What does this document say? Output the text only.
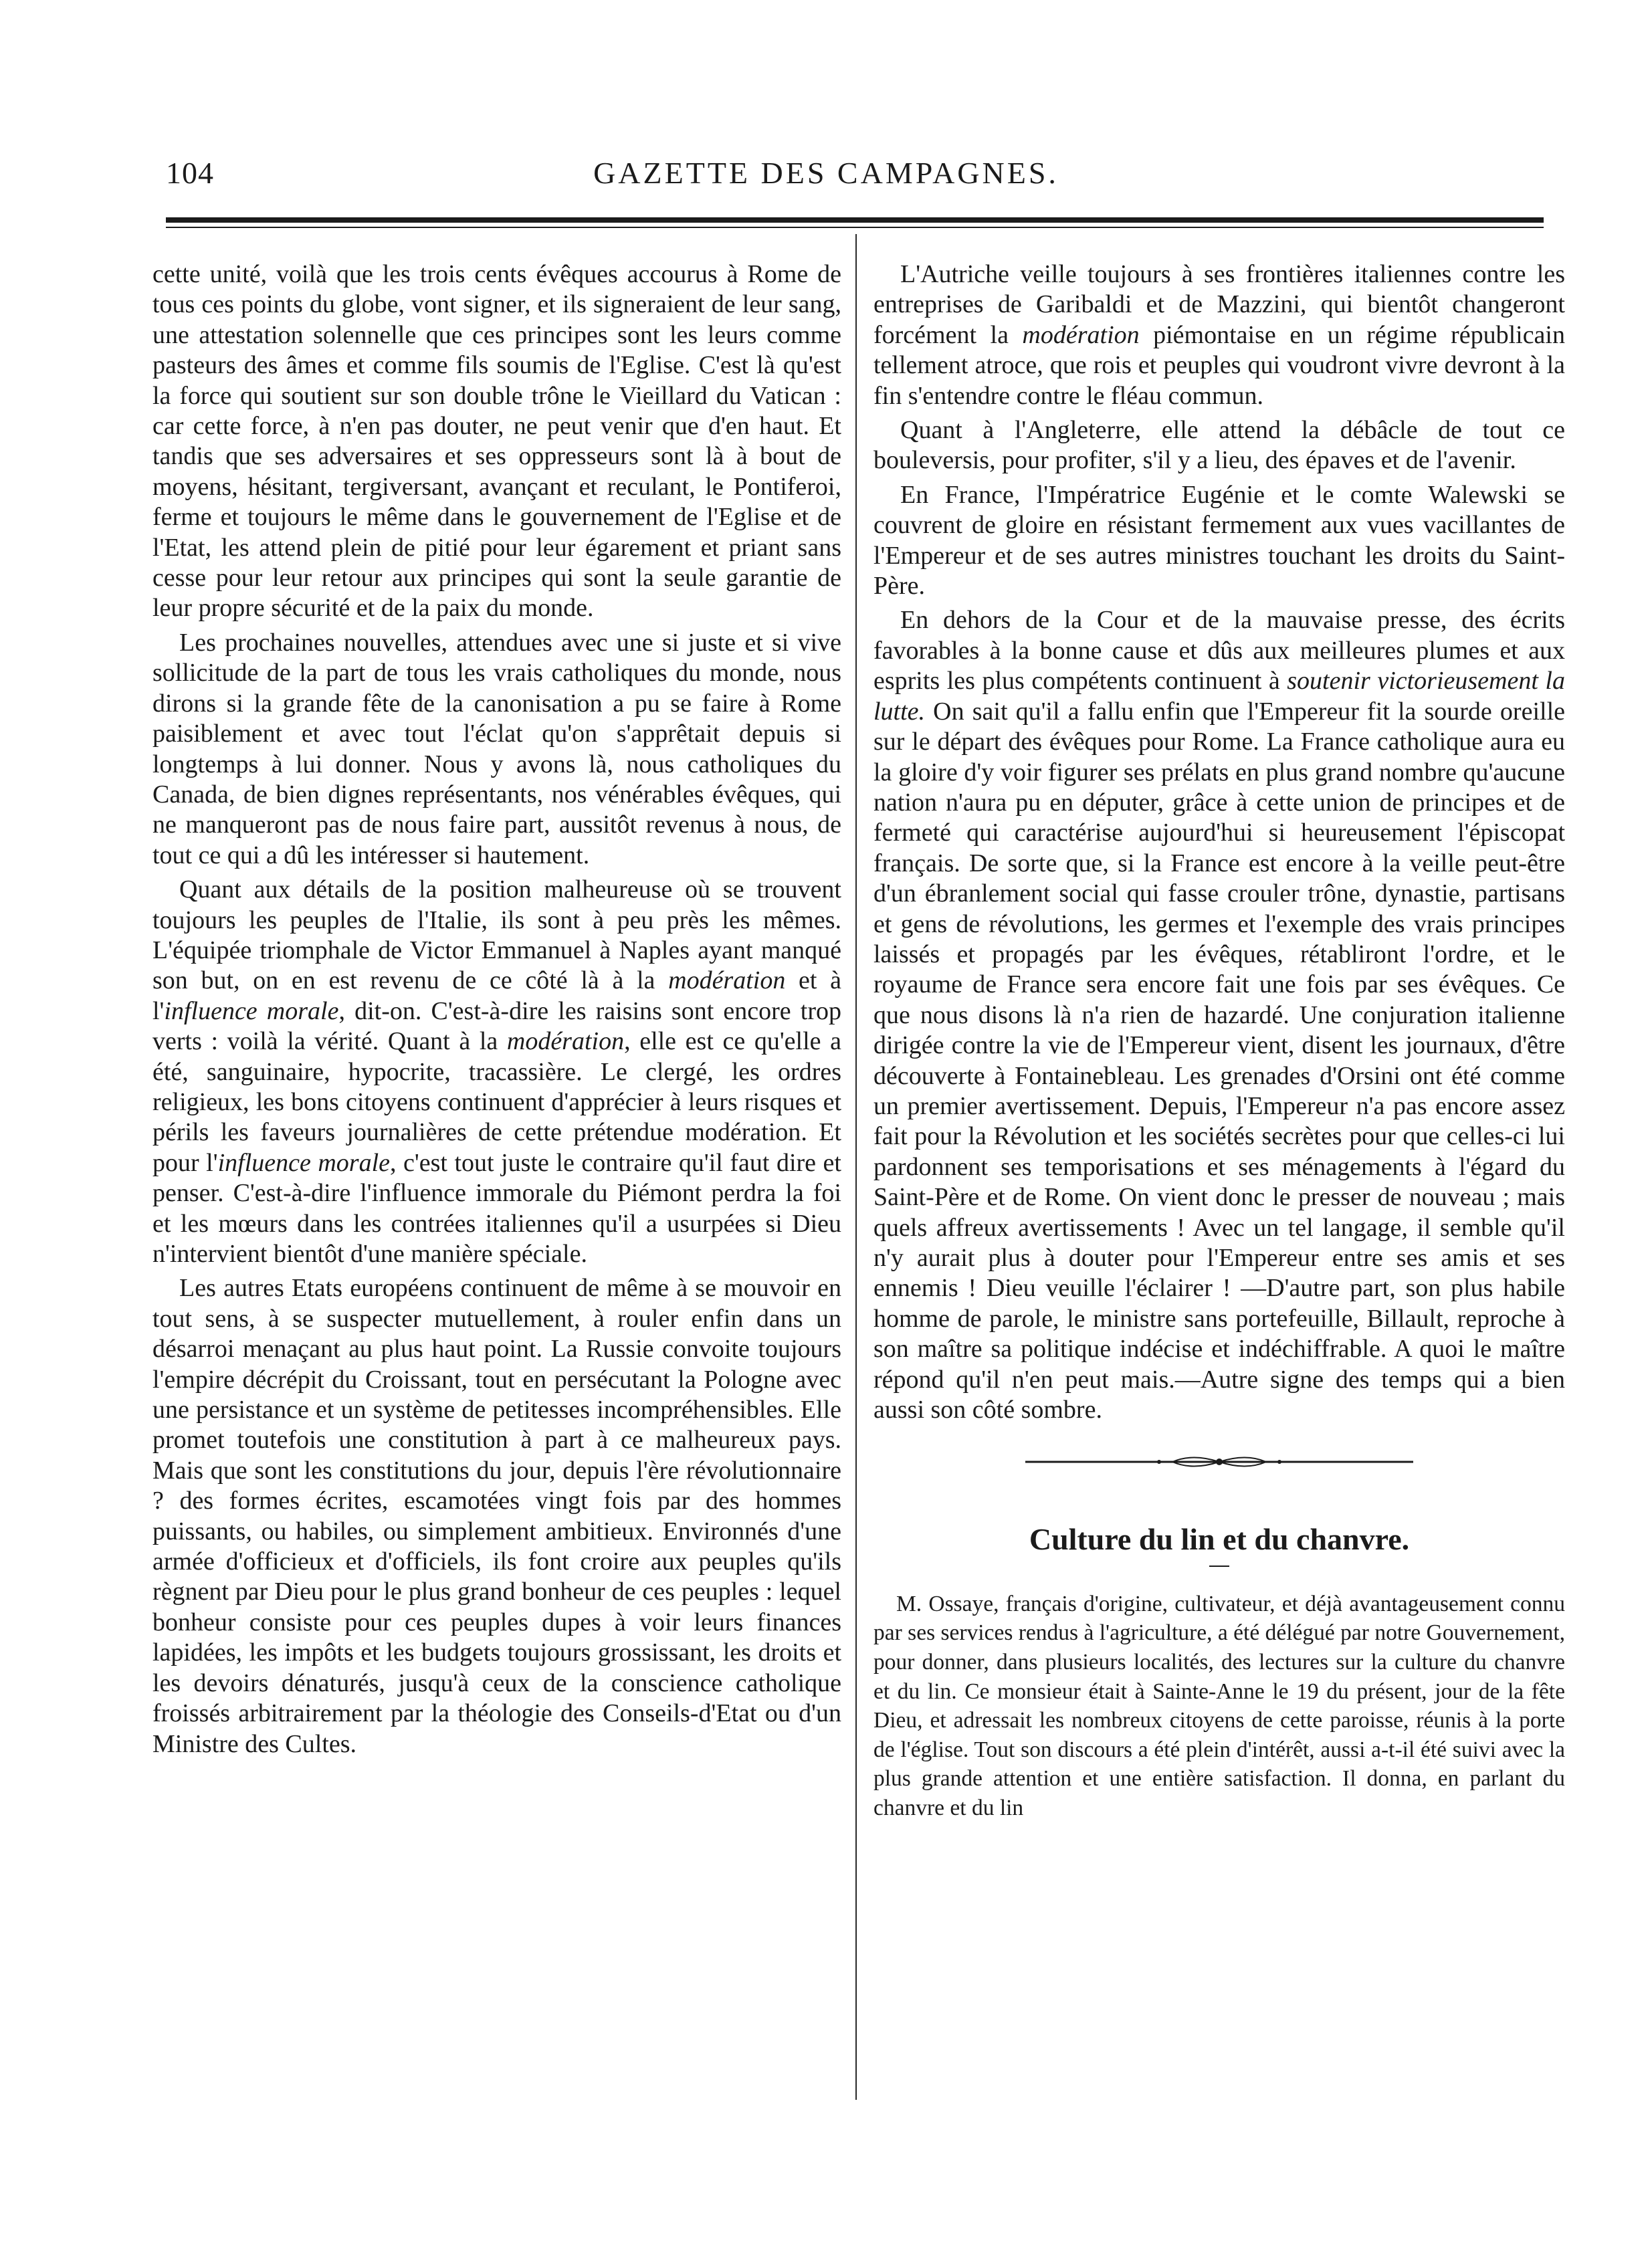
104	GAZETTE DES CAMPAGNES.

cette unité, voilà que les trois cents évêques accourus à Rome de tous ces points du globe, vont signer, et ils signeraient de leur sang, une attestation solennelle que ces principes sont les leurs comme pasteurs des âmes et comme fils soumis de l'Eglise. C'est là qu'est la force qui soutient sur son double trône le Vieillard du Vatican : car cette force, à n'en pas douter, ne peut venir que d'en haut. Et tandis que ses adversaires et ses oppresseurs sont là à bout de moyens, hésitant, tergiversant, avançant et reculant, le Pontiferoi, ferme et toujours le même dans le gouvernement de l'Eglise et de l'Etat, les attend plein de pitié pour leur égarement et priant sans cesse pour leur retour aux principes qui sont la seule garantie de leur propre sécurité et de la paix du monde.

Les prochaines nouvelles, attendues avec une si juste et si vive sollicitude de la part de tous les vrais catholiques du monde, nous dirons si la grande fête de la canonisation a pu se faire à Rome paisiblement et avec tout l'éclat qu'on s'apprêtait depuis si longtemps à lui donner. Nous y avons là, nous catholiques du Canada, de bien dignes représentants, nos vénérables évêques, qui ne manqueront pas de nous faire part, aussitôt revenus à nous, de tout ce qui a dû les intéresser si hautement.

Quant aux détails de la position malheureuse où se trouvent toujours les peuples de l'Italie, ils sont à peu près les mêmes. L'équipée triomphale de Victor Emmanuel à Naples ayant manqué son but, on en est revenu de ce côté là à la modération et à l'influence morale, dit-on. C'est-à-dire les raisins sont encore trop verts : voilà la vérité. Quant à la modération, elle est ce qu'elle a été, sanguinaire, hypocrite, tracassière. Le clergé, les ordres religieux, les bons citoyens continuent d'apprécier à leurs risques et périls les faveurs journalières de cette prétendue modération. Et pour l'influence morale, c'est tout juste le contraire qu'il faut dire et penser. C'est-à-dire l'influence immorale du Piémont perdra la foi et les mœurs dans les contrées italiennes qu'il a usurpées si Dieu n'intervient bientôt d'une manière spéciale.

Les autres Etats européens continuent de même à se mouvoir en tout sens, à se suspecter mutuellement, à rouler enfin dans un désarroi menaçant au plus haut point. La Russie convoite toujours l'empire décrépit du Croissant, tout en persécutant la Pologne avec une persistance et un système de petitesses incompréhensibles. Elle promet toutefois une constitution à part à ce malheureux pays. Mais que sont les constitutions du jour, depuis l'ère révolutionnaire ? des formes écrites, escamotées vingt fois par des hommes puissants, ou habiles, ou simplement ambitieux. Environnés d'une armée d'officieux et d'officiels, ils font croire aux peuples qu'ils règnent par Dieu pour le plus grand bonheur de ces peuples : lequel bonheur consiste pour ces peuples dupes à voir leurs finances lapidées, les impôts et les budgets toujours grossissant, les droits et les devoirs dénaturés, jusqu'à ceux de la conscience catholique froissés arbitrairement par la théologie des Conseils-d'Etat ou d'un Ministre des Cultes.

L'Autriche veille toujours à ses frontières italiennes contre les entreprises de Garibaldi et de Mazzini, qui bientôt changeront forcément la modération piémontaise en un régime républicain tellement atroce, que rois et peuples qui voudront vivre devront à la fin s'entendre contre le fléau commun.

Quant à l'Angleterre, elle attend la débâcle de tout ce bouleversis, pour profiter, s'il y a lieu, des épaves et de l'avenir.

En France, l'Impératrice Eugénie et le comte Walewski se couvrent de gloire en résistant fermement aux vues vacillantes de l'Empereur et de ses autres ministres touchant les droits du Saint-Père.

En dehors de la Cour et de la mauvaise presse, des écrits favorables à la bonne cause et dûs aux meilleures plumes et aux esprits les plus compétents continuent à soutenir victorieusement la lutte. On sait qu'il a fallu enfin que l'Empereur fit la sourde oreille sur le départ des évêques pour Rome. La France catholique aura eu la gloire d'y voir figurer ses prélats en plus grand nombre qu'aucune nation n'aura pu en députer, grâce à cette union de principes et de fermeté qui caractérise aujourd'hui si heureusement l'épiscopat français. De sorte que, si la France est encore à la veille peut-être d'un ébranlement social qui fasse crouler trône, dynastie, partisans et gens de révolutions, les germes et l'exemple des vrais principes laissés et propagés par les évêques, rétabliront l'ordre, et le royaume de France sera encore fait une fois par ses évêques. Ce que nous disons là n'a rien de hazardé. Une conjuration italienne dirigée contre la vie de l'Empereur vient, disent les journaux, d'être découverte à Fontainebleau. Les grenades d'Orsini ont été comme un premier avertissement. Depuis, l'Empereur n'a pas encore assez fait pour la Révolution et les sociétés secrètes pour que celles-ci lui pardonnent ses temporisations et ses ménagements à l'égard du Saint-Père et de Rome. On vient donc le presser de nouveau ; mais quels affreux avertissements ! Avec un tel langage, il semble qu'il n'y aurait plus à douter pour l'Empereur entre ses amis et ses ennemis ! Dieu veuille l'éclairer ! —D'autre part, son plus habile homme de parole, le ministre sans portefeuille, Billault, reproche à son maître sa politique indécise et indéchiffrable. A quoi le maître répond qu'il n'en peut mais.—Autre signe des temps qui a bien aussi son côté sombre.

Culture du lin et du chanvre.

M. Ossaye, français d'origine, cultivateur, et déjà avantageusement connu par ses services rendus à l'agriculture, a été délégué par notre Gouvernement, pour donner, dans plusieurs localités, des lectures sur la culture du chanvre et du lin. Ce monsieur était à Sainte-Anne le 19 du présent, jour de la fête Dieu, et adressait les nombreux citoyens de cette paroisse, réunis à la porte de l'église. Tout son discours a été plein d'intérêt, aussi a-t-il été suivi avec la plus grande attention et une entière satisfaction. Il donna, en parlant du chanvre et du lin
